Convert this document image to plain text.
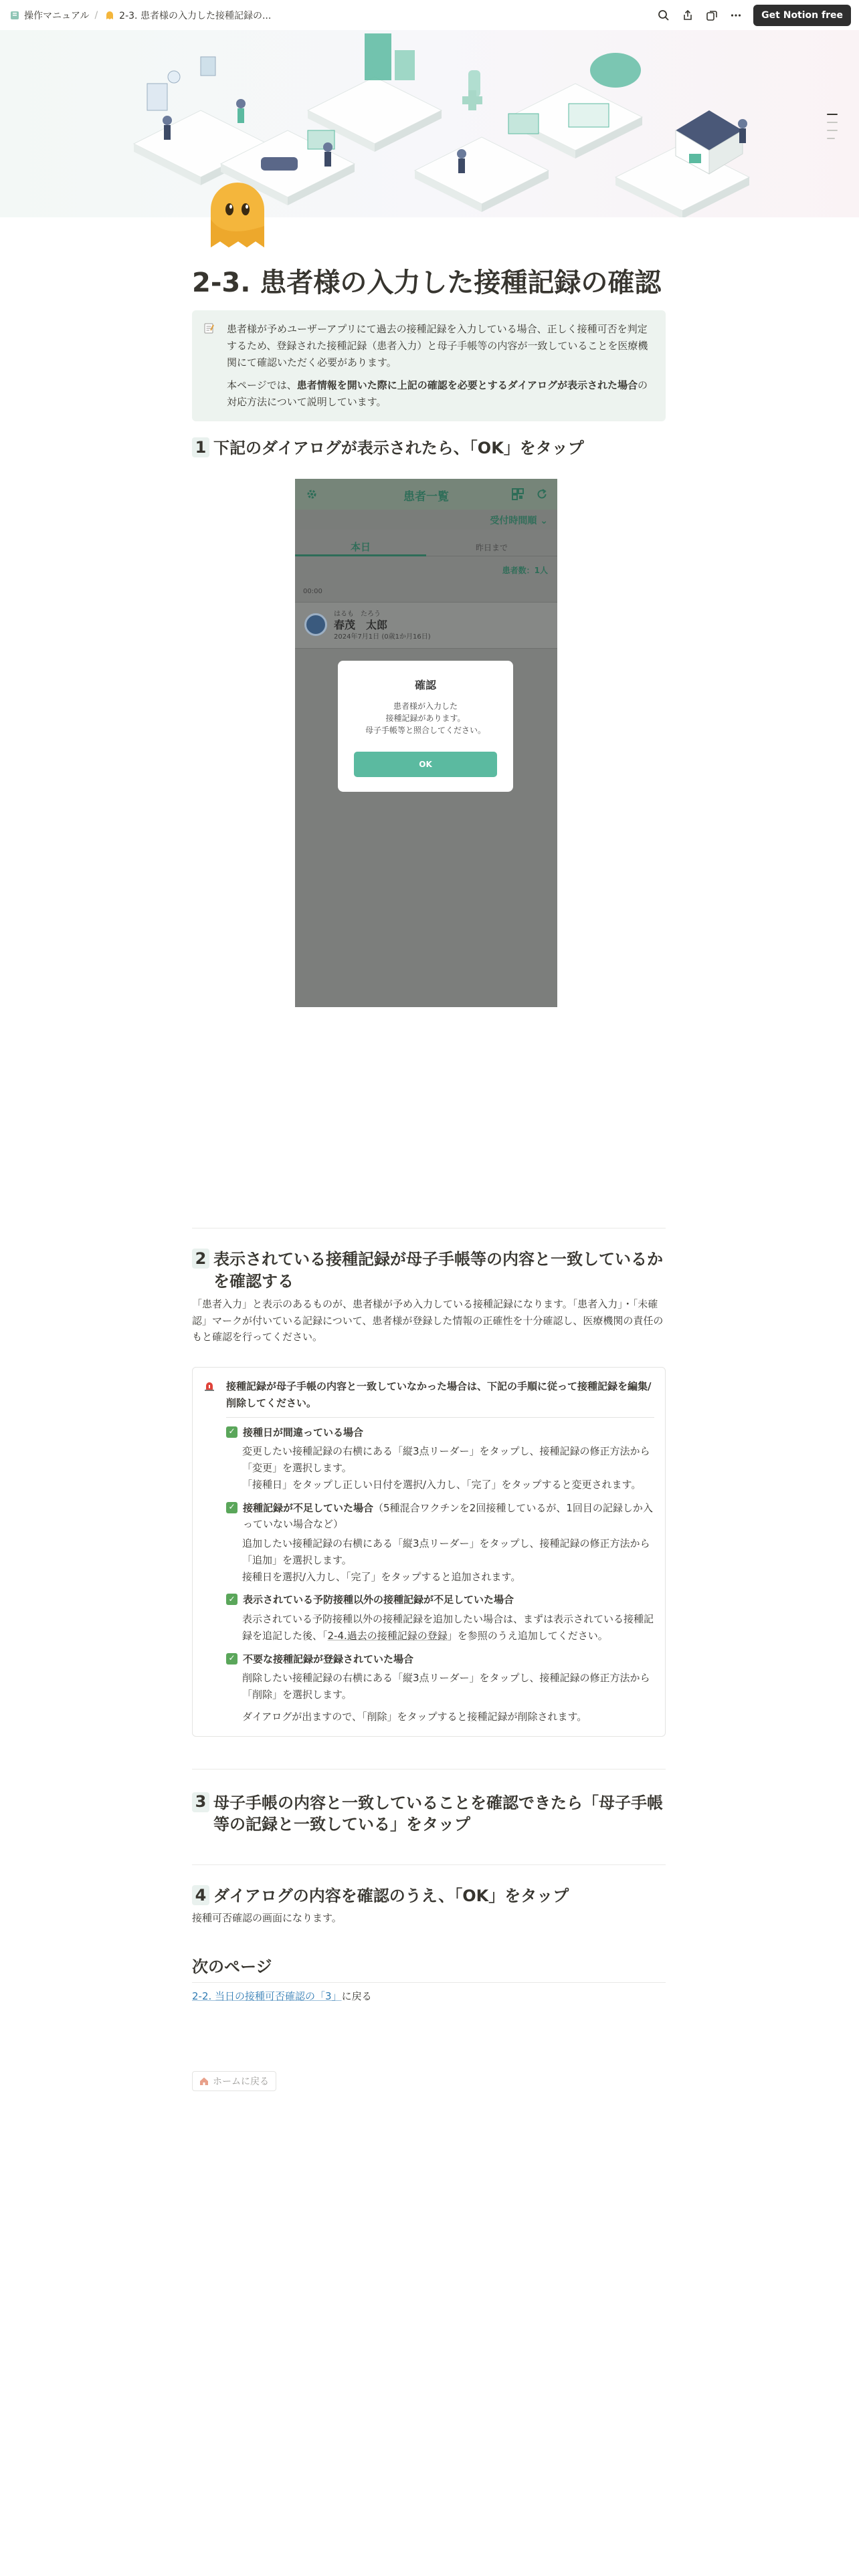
操作マニュアル / 2-3. 患者様の入力した接種記録の...	Get Notion free
2-3. 患者様の入力した接種記録の確認

患者様が予めユーザーアプリにて過去の接種記録を入力している場合、正しく接種可否を判定するため、登録された接種記録（患者入力）と母子手帳等の内容が一致していることを医療機関にて確認いただく必要があります。

本ページでは、患者情報を開いた際に上記の確認を必要とするダイアログが表示された場合の対応方法について説明しています。

1 下記のダイアログが表示されたら、「OK」をタップ
患者一覧
受付時間順 ⌄
本日	昨日まで
患者数：1人
00:00
はるも　たろう
春茂　太郎
2024年7月1日 (0歳1か月16日)
確認
患者様が入力した
接種記録があります。
母子手帳等と照合してください。
OK
2 表示されている接種記録が母子手帳等の内容と一致しているかを確認する

「患者入力」と表示のあるものが、患者様が予め入力している接種記録になります。「患者入力」・「未確認」マークが付いている記録について、患者様が登録した情報の正確性を十分確認し、医療機関の責任のもと確認を行ってください。

接種記録が母子手帳の内容と一致していなかった場合は、下記の手順に従って接種記録を編集/削除してください。
✓ 接種日が間違っている場合
変更したい接種記録の右横にある「縦3点リーダー」をタップし、接種記録の修正方法から「変更」を選択します。
「接種日」をタップし正しい日付を選択/入力し、「完了」をタップすると変更されます。
✓ 接種記録が不足していた場合（5種混合ワクチンを2回接種しているが、1回目の記録しか入っていない場合など）
追加したい接種記録の右横にある「縦3点リーダー」をタップし、接種記録の修正方法から「追加」を選択します。
接種日を選択/入力し、「完了」をタップすると追加されます。
✓ 表示されている予防接種以外の接種記録が不足していた場合
表示されている予防接種以外の接種記録を追加したい場合は、まずは表示されている接種記録を追記した後、「2-4.過去の接種記録の登録」を参照のうえ追加してください。
✓ 不要な接種記録が登録されていた場合
削除したい接種記録の右横にある「縦3点リーダー」をタップし、接種記録の修正方法から「削除」を選択します。
ダイアログが出ますので、「削除」をタップすると接種記録が削除されます。
3 母子手帳の内容と一致していることを確認できたら「母子手帳等の記録と一致している」をタップ
4 ダイアログの内容を確認のうえ、「OK」をタップ

接種可否確認の画面になります。

次のページ

2-2. 当日の接種可否確認の「3」に戻る

ホームに戻る
